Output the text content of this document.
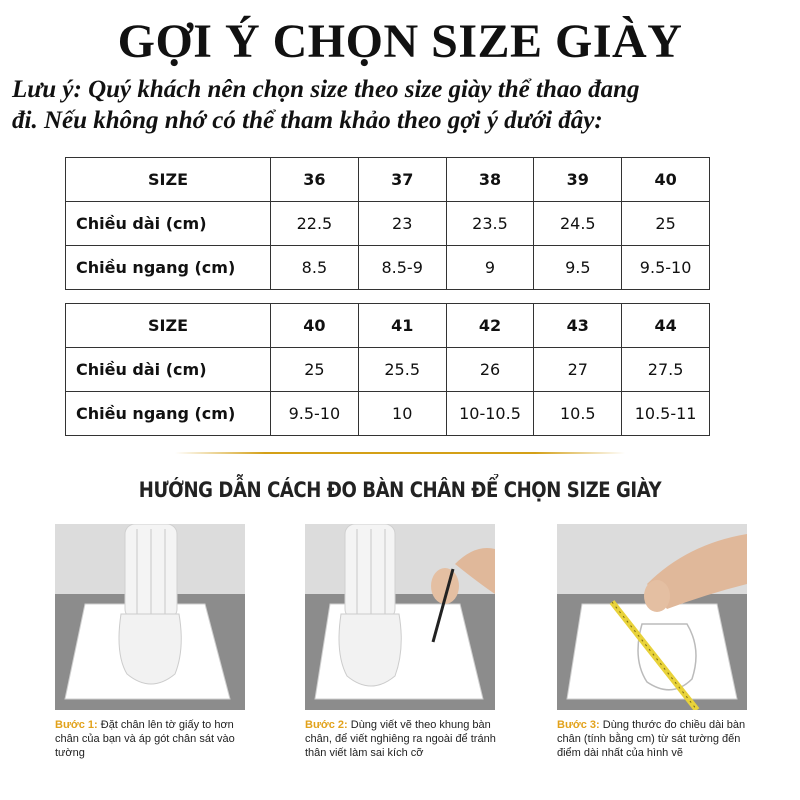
GỢI Ý CHỌN SIZE GIÀY
Lưu ý: Quý khách nên chọn size theo size giày thể thao đang
đi. Nếu không nhớ có thể tham khảo theo gợi ý dưới đây:
SIZE	36	37	38	39	40
Chiều dài (cm)	22.5	23	23.5	24.5	25
Chiều ngang (cm)	8.5	8.5-9	9	9.5	9.5-10
SIZE	40	41	42	43	44
Chiều dài (cm)	25	25.5	26	27	27.5
Chiều ngang (cm)	9.5-10	10	10-10.5	10.5	10.5-11
HƯỚNG DẪN CÁCH ĐO BÀN CHÂN ĐỂ CHỌN SIZE GIÀY
Bước 1: Đặt chân lên tờ giấy to hơn chân của bạn và áp gót chân sát vào tường
Bước 2: Dùng viết vẽ theo khung bàn chân, để viết nghiêng ra ngoài để tránh thân viết làm sai kích cỡ
Bước 3: Dùng thước đo chiều dài bàn chân (tính bằng cm) từ sát tường đến điểm dài nhất của hình vẽ
